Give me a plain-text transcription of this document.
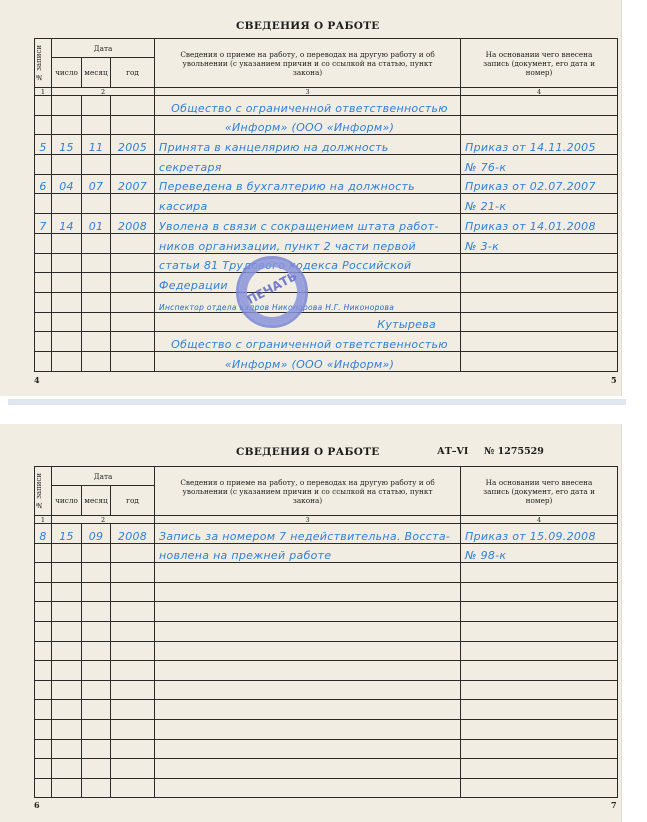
СВЕДЕНИЯ О РАБОТЕ
№ записи	Дата			Сведения о приеме на работу, о переводах на другую работу и об увольнении (с указанием причин и со ссылкой на статью, пункт закона)	На основании чего внесена запись (документ, его дата и номер)
	число	месяц	год		
1	2			3	4
				Общество с ограниченной ответственностью	
				«Информ» (ООО «Информ»)	
5	15	11	2005	Принята в канцелярию на должность	Приказ от 14.11.2005
				секретаря	№ 76-к
6	04	07	2007	Переведена в бухгалтерию на должность	Приказ от 02.07.2007
				кассира	№ 21-к
7	14	01	2008	Уволена в связи с сокращением штата работ-	Приказ от 14.01.2008
				ников организации, пункт 2 части первой	№ 3-к
				статьи 81 Трудового кодекса Российской	
				Федерации	
				Инспектор отдела кадров Никонорова Н.Г. Никонорова	
				Кутырева	
				Общество с ограниченной ответственностью	
				«Информ» (ООО «Информ»)	
ПЕЧАТЬ
4	5
СВЕДЕНИЯ О РАБОТЕ	АТ–VI № 1275529
№ записи	Дата			Сведения о приеме на работу, о переводах на другую работу и об увольнении (с указанием причин и со ссылкой на статью, пункт закона)	На основании чего внесена запись (документ, его дата и номер)
	число	месяц	год		
1	2			3	4
8	15	09	2008	Запись за номером 7 недействительна. Восста-	Приказ от 15.09.2008
				новлена на прежней работе	№ 98-к

6	7
